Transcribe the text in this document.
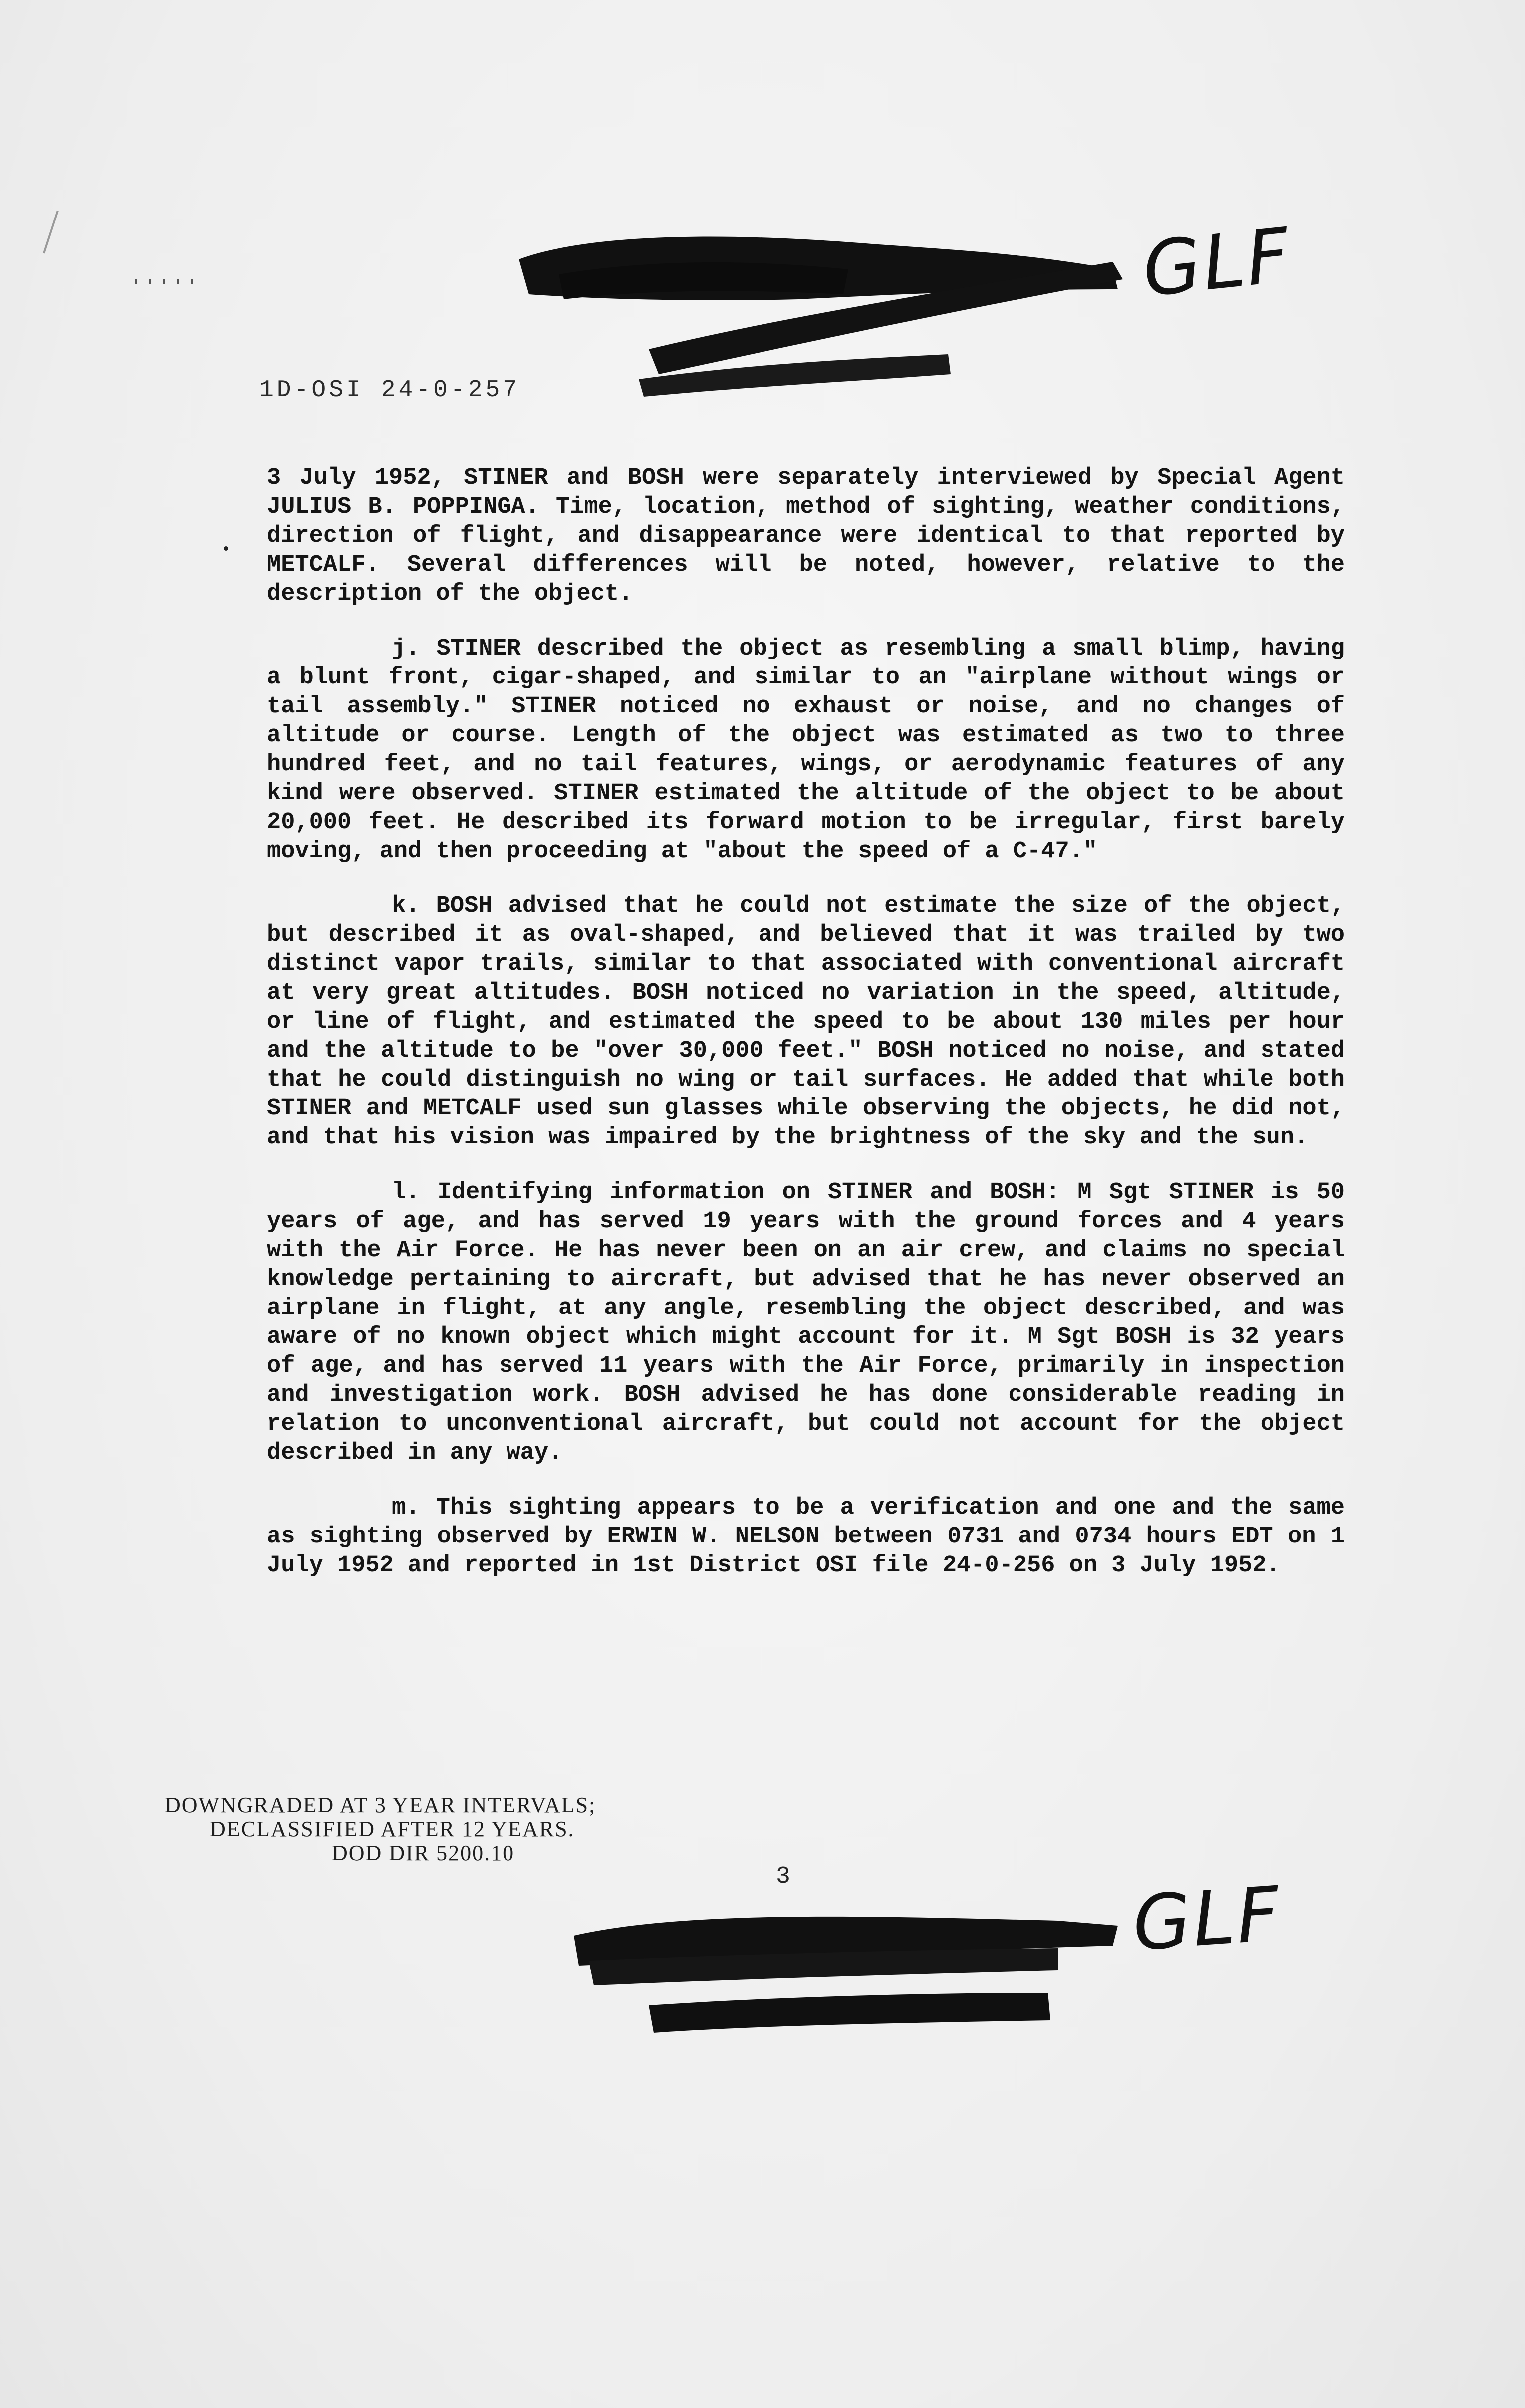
GLF
1D-OSI 24-0-257

3 July 1952, STINER and BOSH were separately interviewed by Special Agent JULIUS B. POPPINGA. Time, location, method of sighting, weather conditions, direction of flight, and disappearance were identical to that reported by METCALF. Several differences will be noted, however, relative to the description of the object.

j. STINER described the object as resembling a small blimp, having a blunt front, cigar-shaped, and similar to an "airplane without wings or tail assembly." STINER noticed no exhaust or noise, and no changes of altitude or course. Length of the object was estimated as two to three hundred feet, and no tail features, wings, or aerodynamic features of any kind were observed. STINER estimated the altitude of the object to be about 20,000 feet. He described its forward motion to be irregular, first barely moving, and then proceeding at "about the speed of a C-47."

k. BOSH advised that he could not estimate the size of the object, but described it as oval-shaped, and believed that it was trailed by two distinct vapor trails, similar to that associated with conventional aircraft at very great altitudes. BOSH noticed no variation in the speed, altitude, or line of flight, and estimated the speed to be about 130 miles per hour and the altitude to be "over 30,000 feet." BOSH noticed no noise, and stated that he could distinguish no wing or tail surfaces. He added that while both STINER and METCALF used sun glasses while observing the objects, he did not, and that his vision was impaired by the brightness of the sky and the sun.

l. Identifying information on STINER and BOSH: M Sgt STINER is 50 years of age, and has served 19 years with the ground forces and 4 years with the Air Force. He has never been on an air crew, and claims no special knowledge pertaining to aircraft, but advised that he has never observed an airplane in flight, at any angle, resembling the object described, and was aware of no known object which might account for it. M Sgt BOSH is 32 years of age, and has served 11 years with the Air Force, primarily in inspection and investigation work. BOSH advised he has done considerable reading in relation to unconventional aircraft, but could not account for the object described in any way.

m. This sighting appears to be a verification and one and the same as sighting observed by ERWIN W. NELSON between 0731 and 0734 hours EDT on 1 July 1952 and reported in 1st District OSI file 24-0-256 on 3 July 1952.

DOWNGRADED AT 3 YEAR INTERVALS;
DECLASSIFIED AFTER 12 YEARS.
DOD DIR 5200.10
3	GLF
